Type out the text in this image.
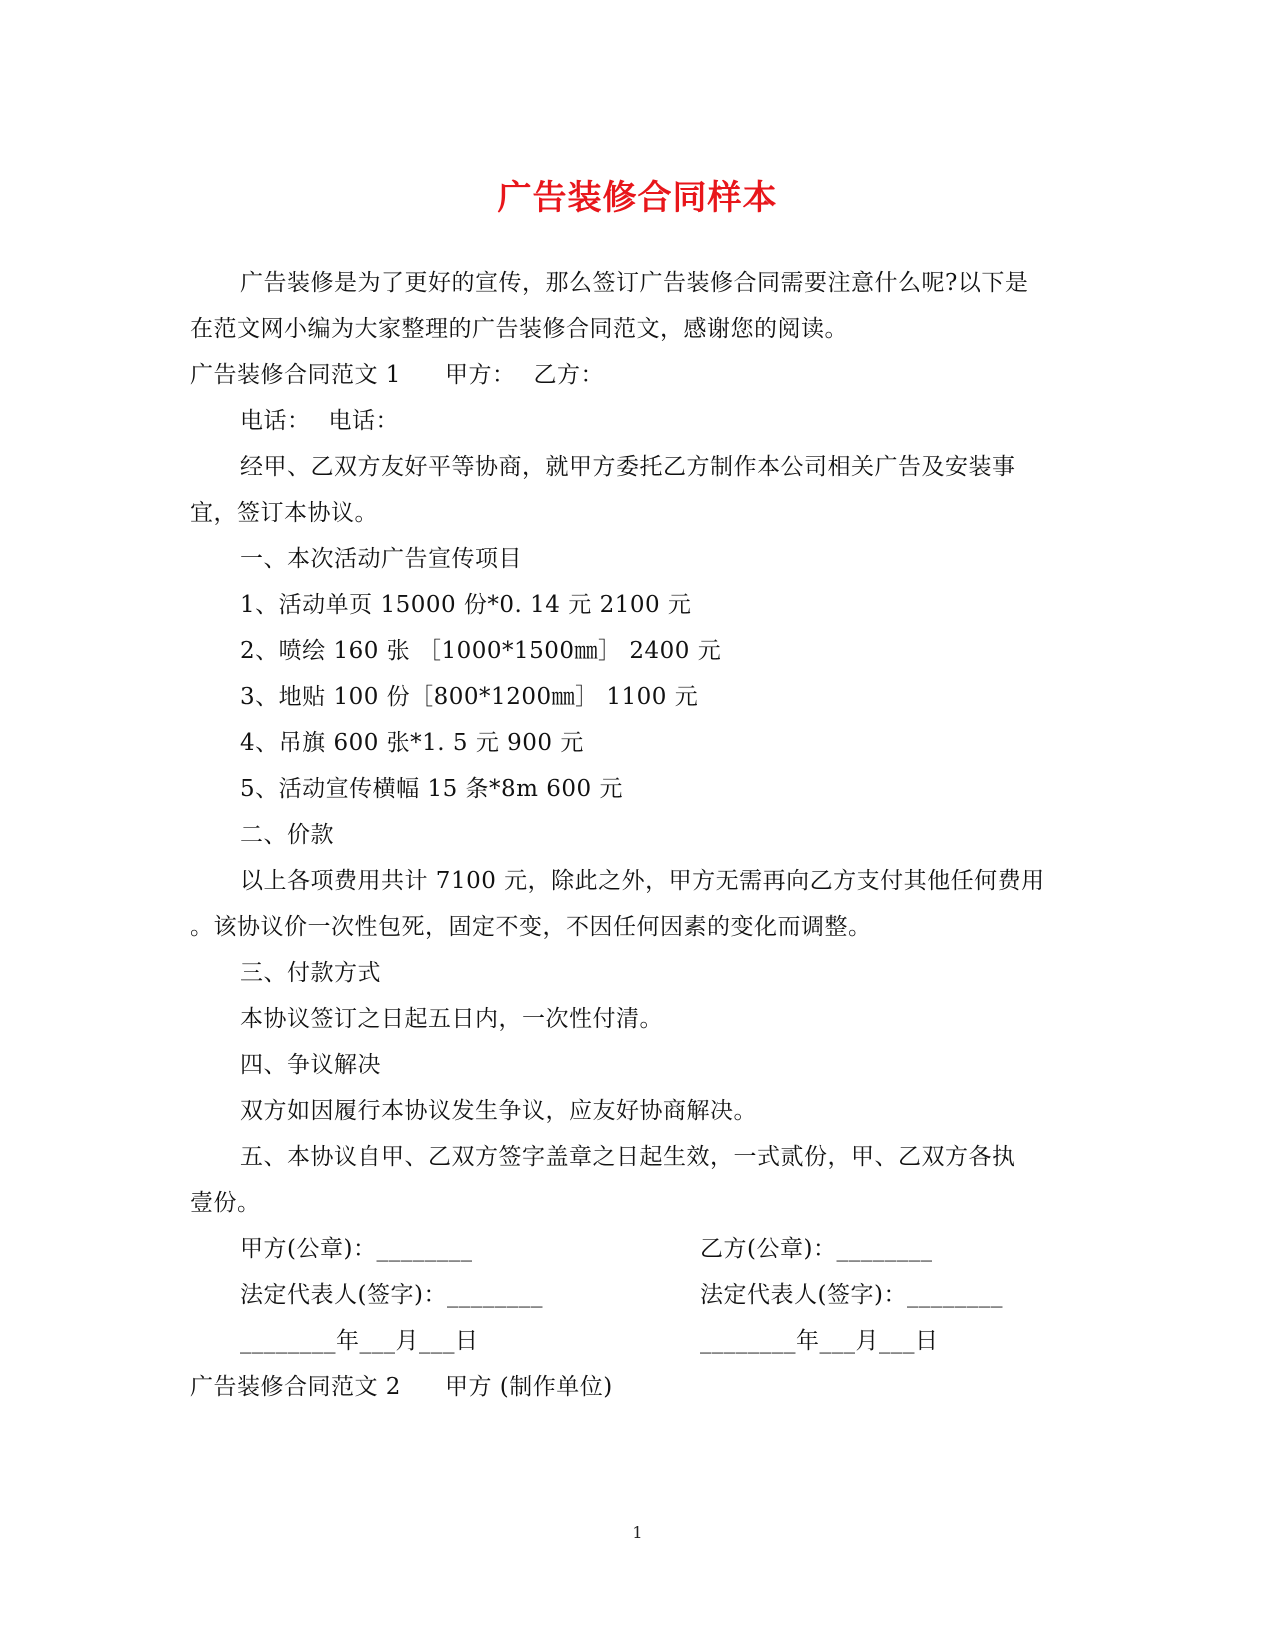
广告装修合同样本
广告装修是为了更好的宣传，那么签订广告装修合同需要注意什么呢?以下是
在范文网小编为大家整理的广告装修合同范文，感谢您的阅读。
广告装修合同范文 1 甲方： 乙方：
电话： 电话：
经甲、乙双方友好平等协商，就甲方委托乙方制作本公司相关广告及安装事
宜，签订本协议。
一、本次活动广告宣传项目
1、活动单页 15000 份*0. 14 元 2100 元
2、喷绘 160 张 ［1000*1500㎜］ 2400 元
3、地贴 100 份［800*1200㎜］ 1100 元
4、吊旗 600 张*1. 5 元 900 元
5、活动宣传横幅 15 条*8m 600 元
二、价款
以上各项费用共计 7100 元，除此之外，甲方无需再向乙方支付其他任何费用
。该协议价一次性包死，固定不变，不因任何因素的变化而调整。
三、付款方式
本协议签订之日起五日内，一次性付清。
四、争议解决
双方如因履行本协议发生争议，应友好协商解决。
五、本协议自甲、乙双方签字盖章之日起生效，一式贰份，甲、乙双方各执
壹份。
甲方(公章)：________	乙方(公章)：________
法定代表人(签字)：________	法定代表人(签字)：________
________年___月___日	________年___月___日
广告装修合同范文 2 甲方 (制作单位)
1
